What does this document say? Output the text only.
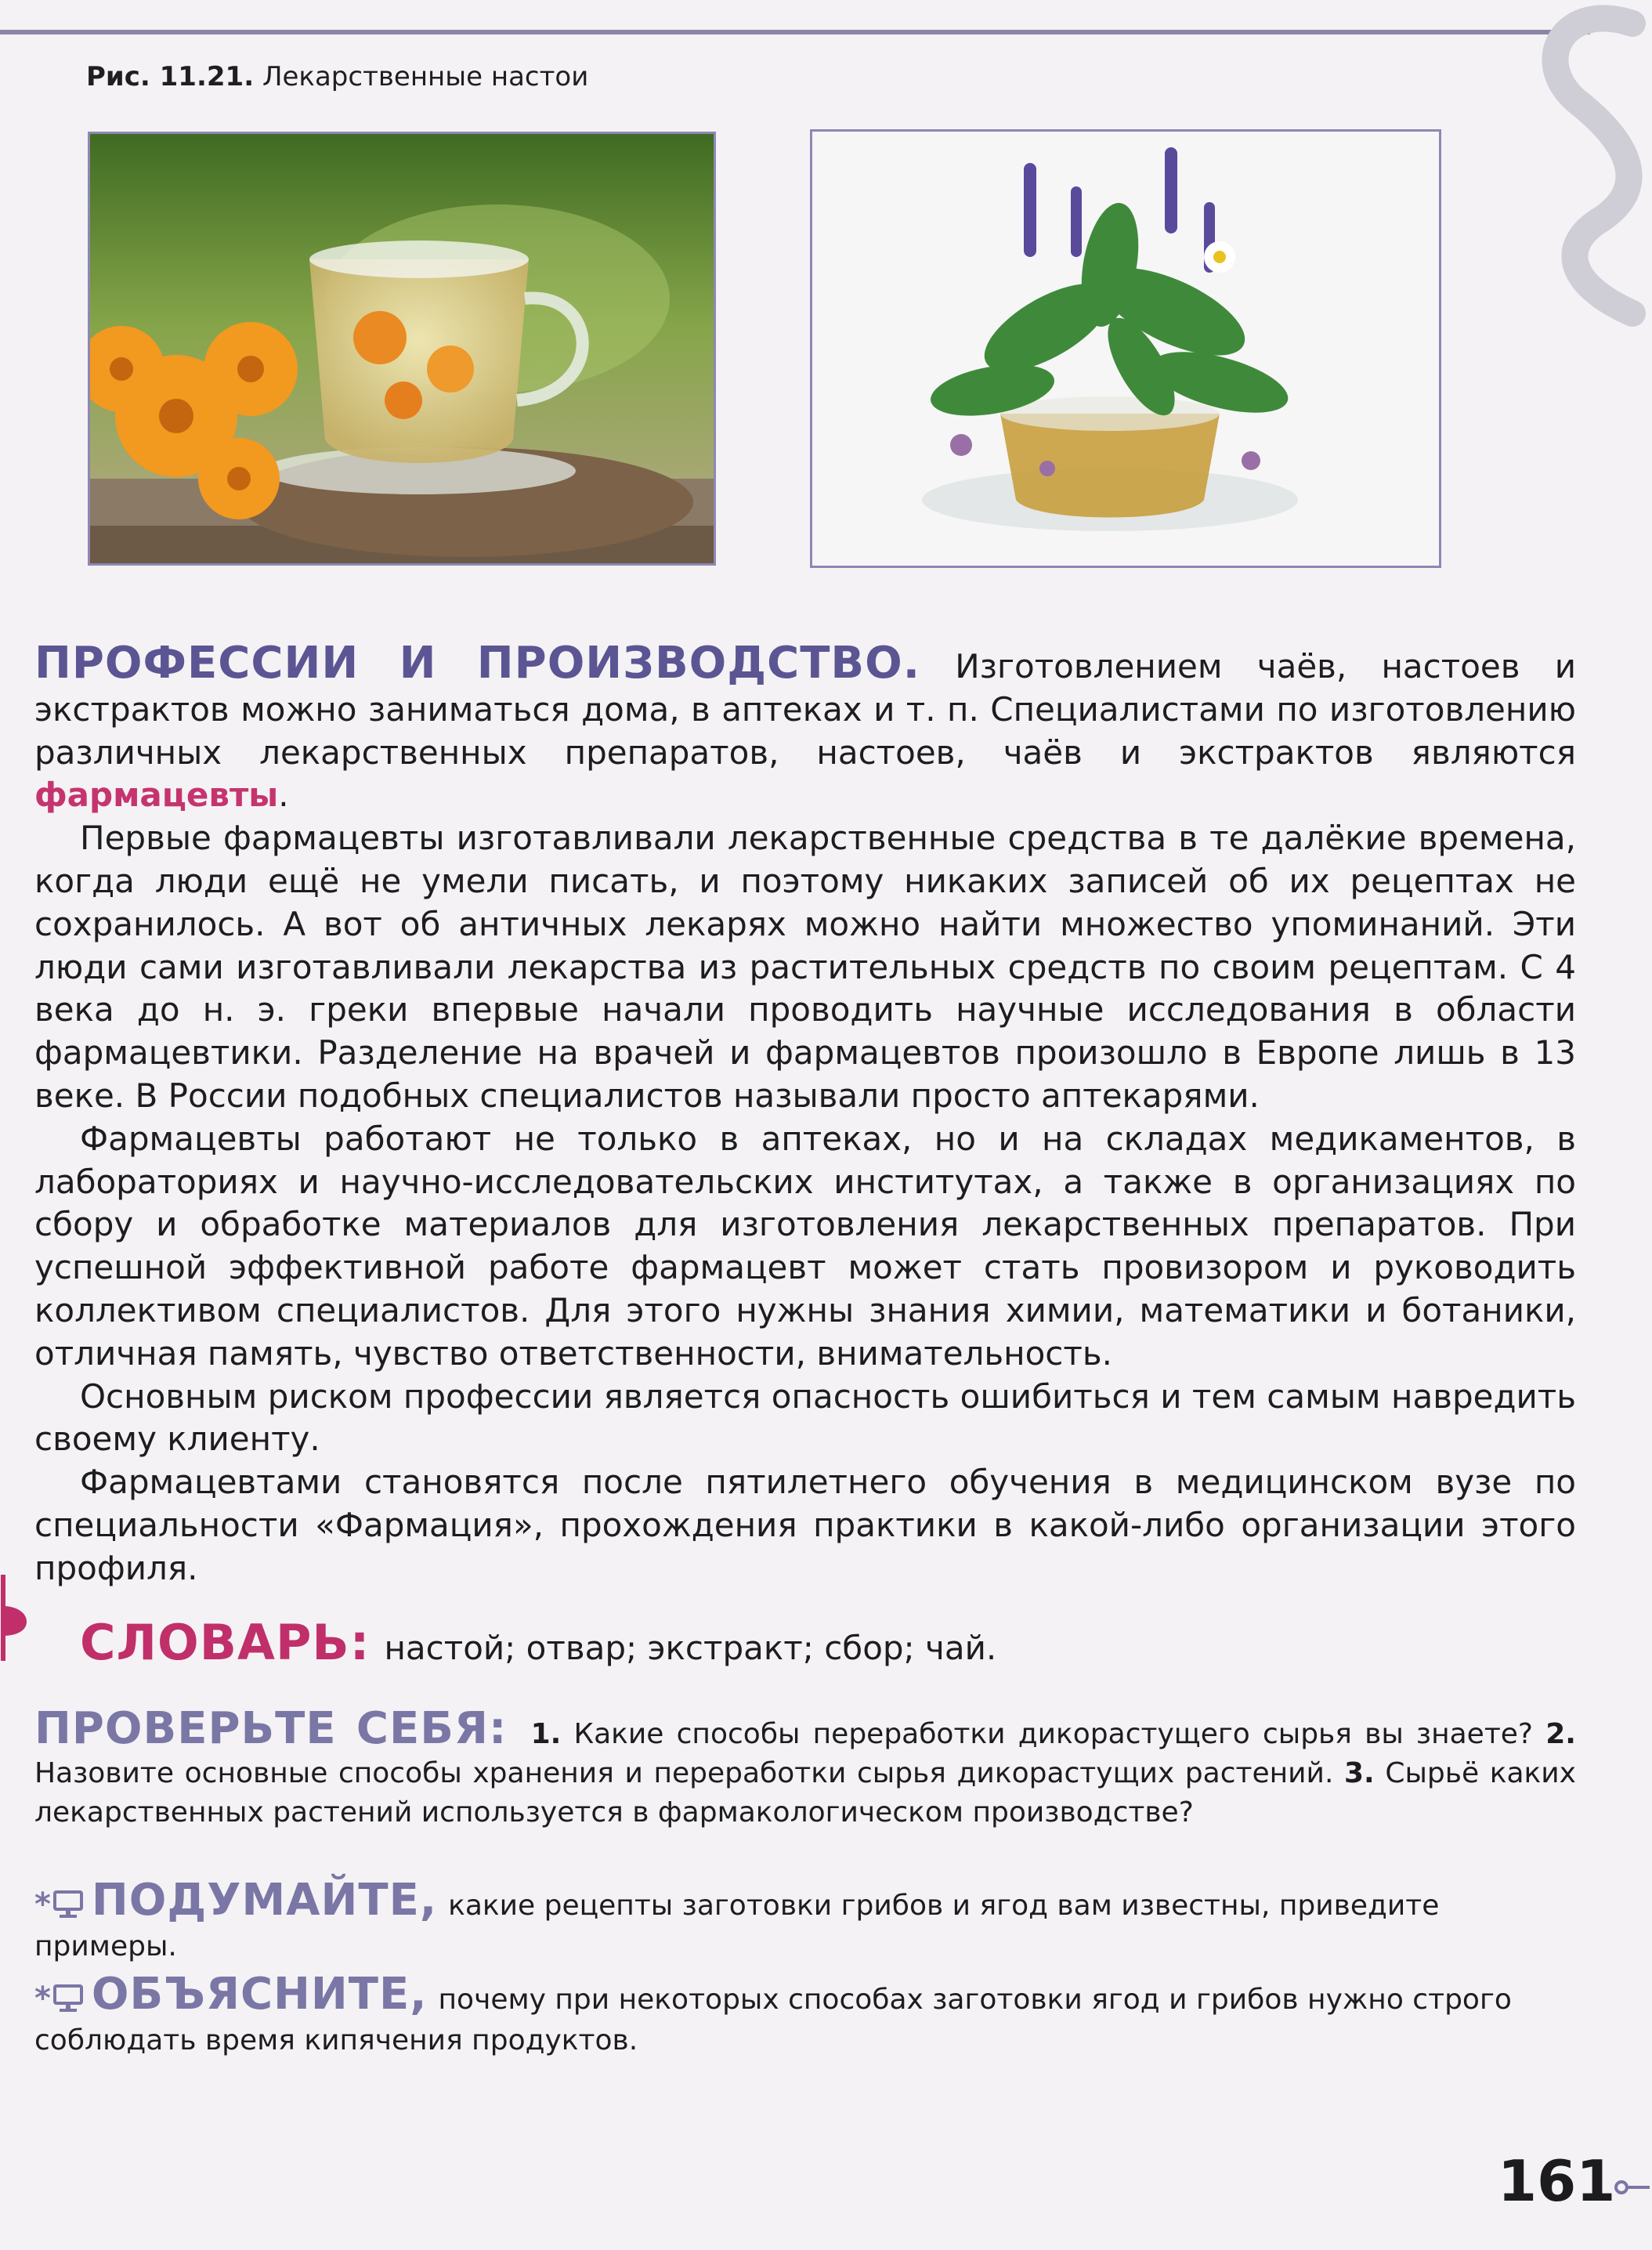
Рис. 11.21. Лекарственные настои

ПРОФЕССИИ И ПРОИЗВОДСТВО. Изготовлением чаёв, настоев и экстрактов можно заниматься дома, в аптеках и т. п. Специалистами по изготовлению различных лекарственных препаратов, настоев, чаёв и экстрактов являются фармацевты.

Первые фармацевты изготавливали лекарственные средства в те далёкие времена, когда люди ещё не умели писать, и поэтому никаких записей об их рецептах не сохранилось. А вот об античных лекарях можно найти множество упоминаний. Эти люди сами изготавливали лекарства из растительных средств по своим рецептам. С 4 века до н. э. греки впервые начали проводить научные исследования в области фармацевтики. Разделение на врачей и фармацевтов произошло в Европе лишь в 13 веке. В России подобных специалистов называли просто аптекарями.

Фармацевты работают не только в аптеках, но и на складах медикаментов, в лабораториях и научно-исследовательских институтах, а также в организациях по сбору и обработке материалов для изготовления лекарственных препаратов. При успешной эффективной работе фармацевт может стать провизором и руководить коллективом специалистов. Для этого нужны знания химии, математики и ботаники, отличная память, чувство ответственности, внимательность.

Основным риском профессии является опасность ошибиться и тем самым навредить своему клиенту.

Фармацевтами становятся после пятилетнего обучения в медицинском вузе по специальности «Фармация», прохождения практики в какой-либо организации этого профиля.

СЛОВАРЬ: настой; отвар; экстракт; сбор; чай.
ПРОВЕРЬТЕ СЕБЯ: 1. Какие способы переработки дикорастущего сырья вы знаете? 2. Назовите основные способы хранения и переработки сырья дикорастущих растений. 3. Сырьё каких лекарственных растений используется в фармакологическом производстве?
* ПОДУМАЙТЕ, какие рецепты заготовки грибов и ягод вам известны, приведите примеры.
* ОБЪЯСНИТЕ, почему при некоторых способах заготовки ягод и грибов нужно строго соблюдать время кипячения продуктов.
161
